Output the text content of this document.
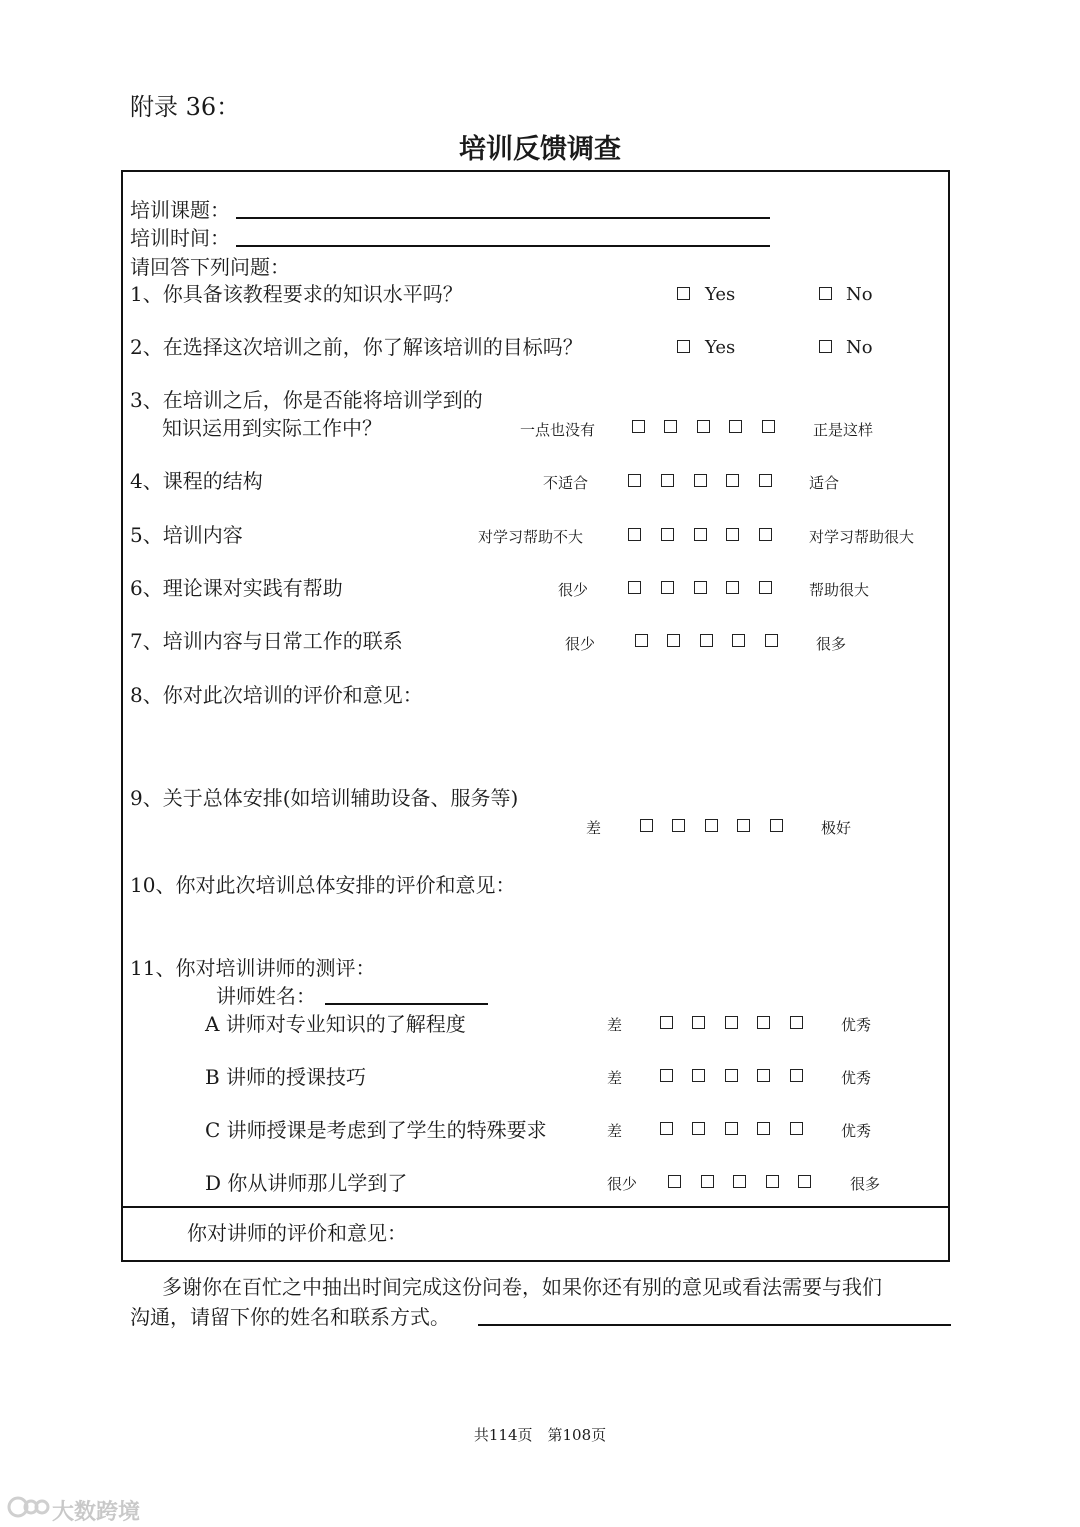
附录 36：
培训反馈调查
培训课题：
培训时间：
请回答下列问题：
1、你具备该教程要求的知识水平吗？	Yes	No
2、在选择这次培训之前，你了解该培训的目标吗？	Yes	No
3、在培训之后，你是否能将培训学到的
知识运用到实际工作中？	一点也没有	正是这样
4、课程的结构	不适合	适合
5、培训内容	对学习帮助不大	对学习帮助很大
6、理论课对实践有帮助	很少	帮助很大
7、培训内容与日常工作的联系	很少	很多
8、你对此次培训的评价和意见：
9、关于总体安排(如培训辅助设备、服务等)
差	极好
10、你对此次培训总体安排的评价和意见：
11、你对培训讲师的测评：
讲师姓名：
A 讲师对专业知识的了解程度	差	优秀
B 讲师的授课技巧	差	优秀
C 讲师授课是考虑到了学生的特殊要求	差	优秀
D 你从讲师那儿学到了	很少	很多
你对讲师的评价和意见：
多谢你在百忙之中抽出时间完成这份问卷，如果你还有别的意见或看法需要与我们
沟通，请留下你的姓名和联系方式。
共114页　第108页
大数跨境
